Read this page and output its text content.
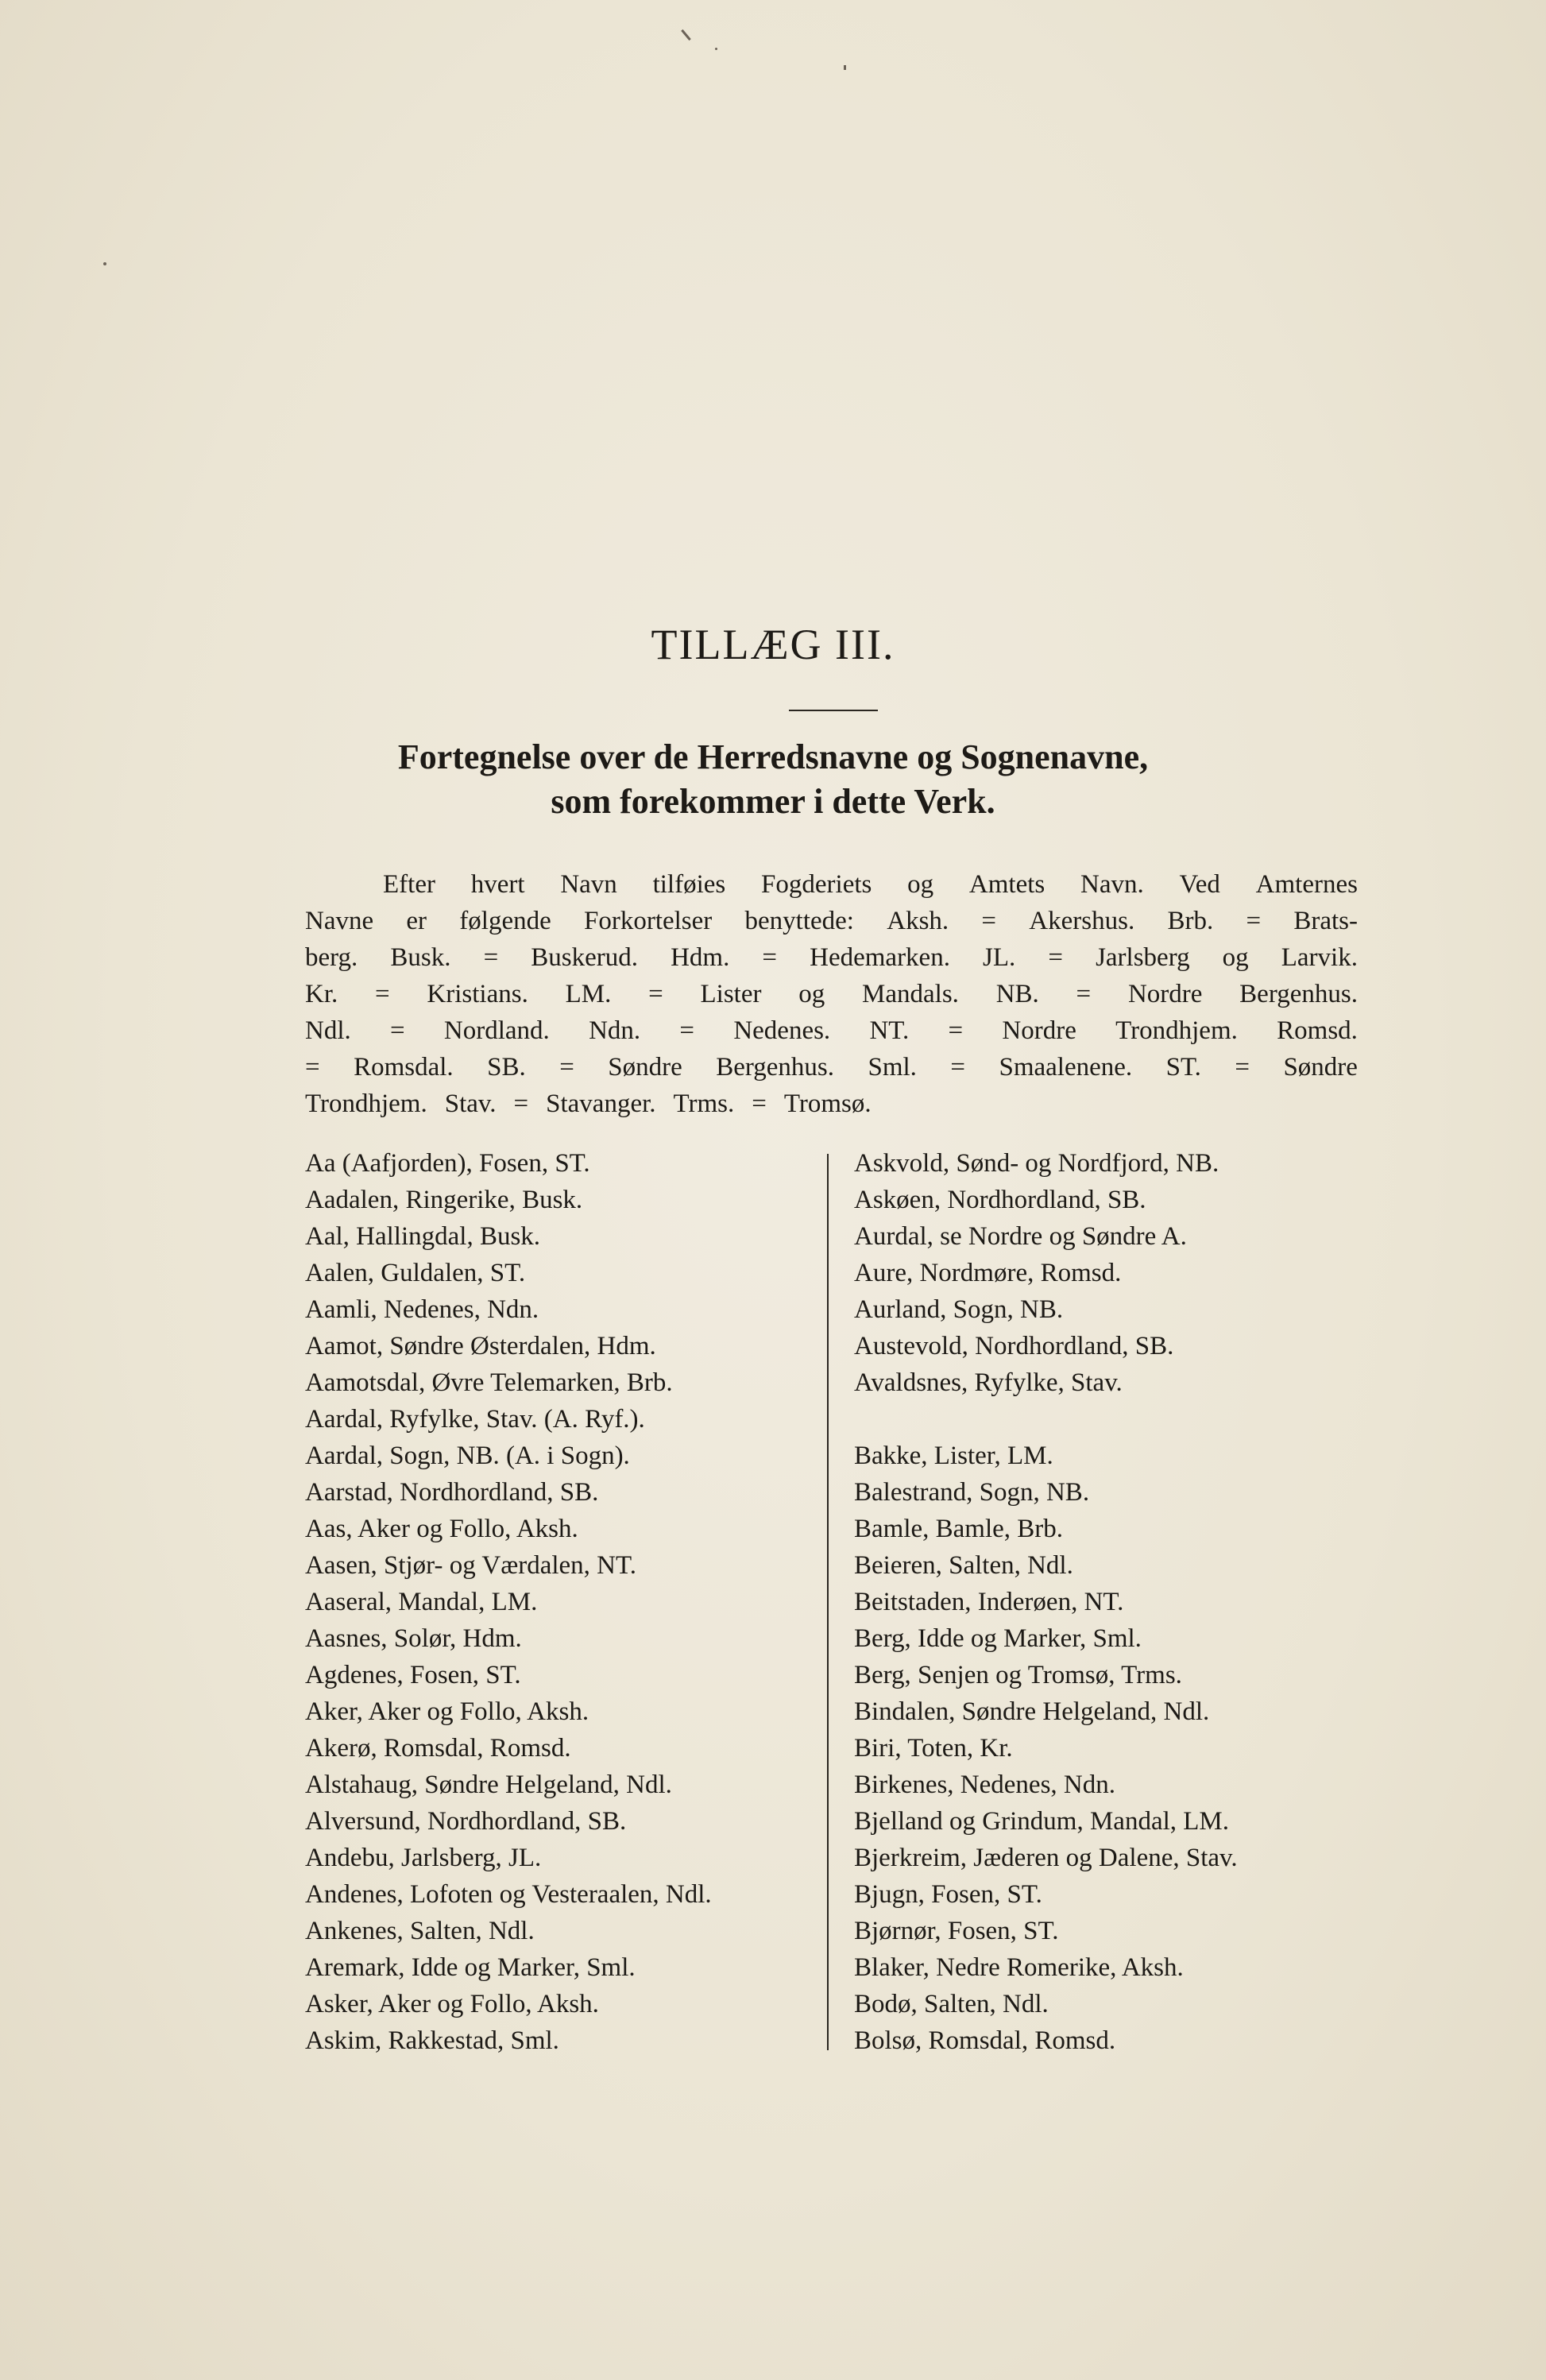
TILLÆG III.
Fortegnelse over de Herredsnavne og Sognenavne,
som forekommer i dette Verk.
Efter hvert Navn tilføies Fogderiets og Amtets Navn. Ved Amternes
Navne er følgende Forkortelser benyttede: Aksh. = Akershus. Brb. = Brats-
berg. Busk. = Buskerud. Hdm. = Hedemarken. JL. = Jarlsberg og Larvik.
Kr. = Kristians. LM. = Lister og Mandals. NB. = Nordre Bergenhus.
Ndl. = Nordland. Ndn. = Nedenes. NT. = Nordre Trondhjem. Romsd.
= Romsdal. SB. = Søndre Bergenhus. Sml. = Smaalenene. ST. = Søndre
Trondhjem. Stav. = Stavanger. Trms. = Tromsø.
Aa (Aafjorden), Fosen, ST.
Aadalen, Ringerike, Busk.
Aal, Hallingdal, Busk.
Aalen, Guldalen, ST.
Aamli, Nedenes, Ndn.
Aamot, Søndre Østerdalen, Hdm.
Aamotsdal, Øvre Telemarken, Brb.
Aardal, Ryfylke, Stav. (A. Ryf.).
Aardal, Sogn, NB. (A. i Sogn).
Aarstad, Nordhordland, SB.
Aas, Aker og Follo, Aksh.
Aasen, Stjør- og Værdalen, NT.
Aaseral, Mandal, LM.
Aasnes, Solør, Hdm.
Agdenes, Fosen, ST.
Aker, Aker og Follo, Aksh.
Akerø, Romsdal, Romsd.
Alstahaug, Søndre Helgeland, Ndl.
Alversund, Nordhordland, SB.
Andebu, Jarlsberg, JL.
Andenes, Lofoten og Vesteraalen, Ndl.
Ankenes, Salten, Ndl.
Aremark, Idde og Marker, Sml.
Asker, Aker og Follo, Aksh.
Askim, Rakkestad, Sml.
Askvold, Sønd- og Nordfjord, NB.
Askøen, Nordhordland, SB.
Aurdal, se Nordre og Søndre A.
Aure, Nordmøre, Romsd.
Aurland, Sogn, NB.
Austevold, Nordhordland, SB.
Avaldsnes, Ryfylke, Stav.
Bakke, Lister, LM.
Balestrand, Sogn, NB.
Bamle, Bamle, Brb.
Beieren, Salten, Ndl.
Beitstaden, Inderøen, NT.
Berg, Idde og Marker, Sml.
Berg, Senjen og Tromsø, Trms.
Bindalen, Søndre Helgeland, Ndl.
Biri, Toten, Kr.
Birkenes, Nedenes, Ndn.
Bjelland og Grindum, Mandal, LM.
Bjerkreim, Jæderen og Dalene, Stav.
Bjugn, Fosen, ST.
Bjørnør, Fosen, ST.
Blaker, Nedre Romerike, Aksh.
Bodø, Salten, Ndl.
Bolsø, Romsdal, Romsd.
